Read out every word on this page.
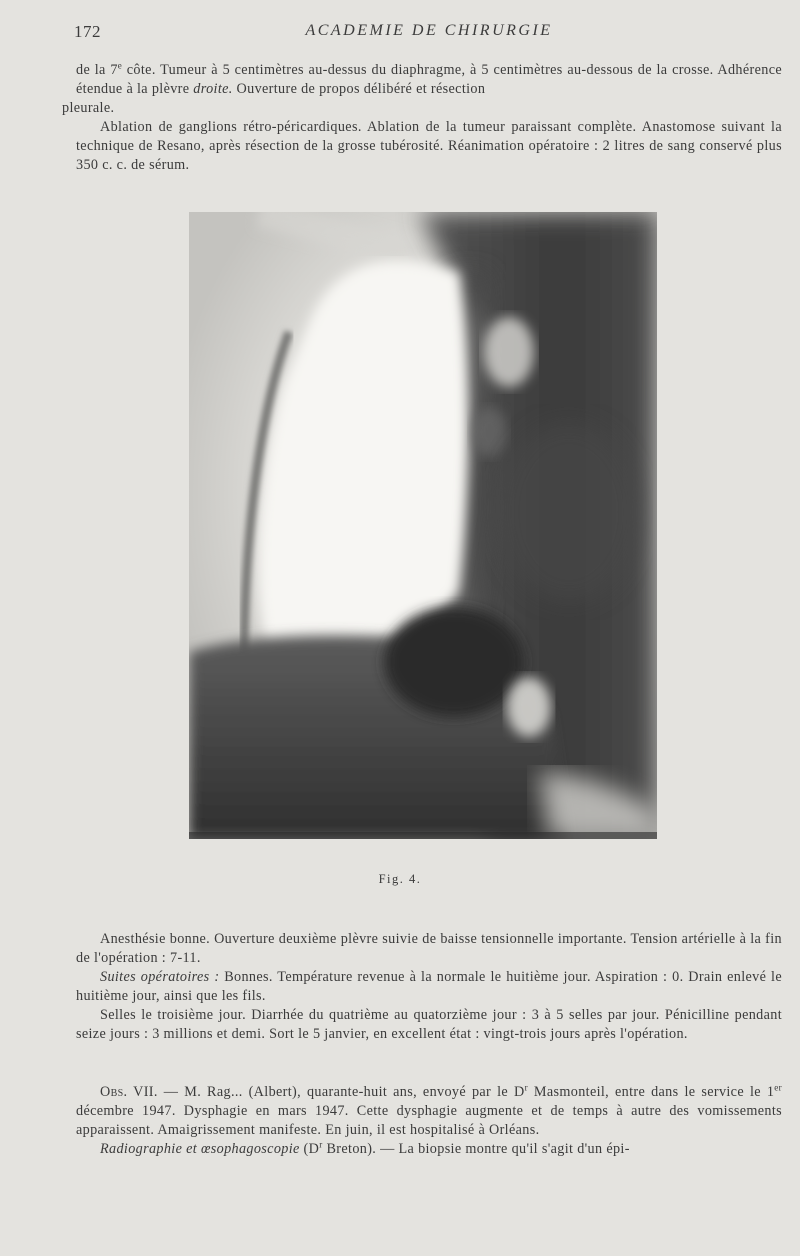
172	ACADEMIE DE CHIRURGIE

de la 7e côte. Tumeur à 5 centimètres au-dessus du diaphragme, à 5 centimètres au-dessous de la crosse. Adhérence étendue à la plèvre droite. Ouverture de propos délibéré et résection

pleurale.

Ablation de ganglions rétro-péricardiques. Ablation de la tumeur paraissant complète. Anastomose suivant la technique de Resano, après résection de la grosse tubérosité. Réanimation opératoire : 2 litres de sang conservé plus 350 c. c. de sérum.

Fig. 4.

Anesthésie bonne. Ouverture deuxième plèvre suivie de baisse tensionnelle importante. Tension artérielle à la fin de l'opération : 7-11.

Suites opératoires : Bonnes. Température revenue à la normale le huitième jour. Aspiration : 0. Drain enlevé le huitième jour, ainsi que les fils.

Selles le troisième jour. Diarrhée du quatrième au quatorzième jour : 3 à 5 selles par jour. Pénicilline pendant seize jours : 3 millions et demi. Sort le 5 janvier, en excellent état : vingt-trois jours après l'opération.

Obs. VII. — M. Rag... (Albert), quarante-huit ans, envoyé par le $D^r$ Masmonteil, entre dans le service le 1er décembre 1947. Dysphagie en mars 1947. Cette dysphagie augmente et de temps à autre des vomissements apparaissent. Amaigrissement manifeste. En juin, il est hospitalisé à Orléans.

Radiographie et œsophagoscopie ($D^r$ Breton). — La biopsie montre qu'il s'agit d'un épi-
